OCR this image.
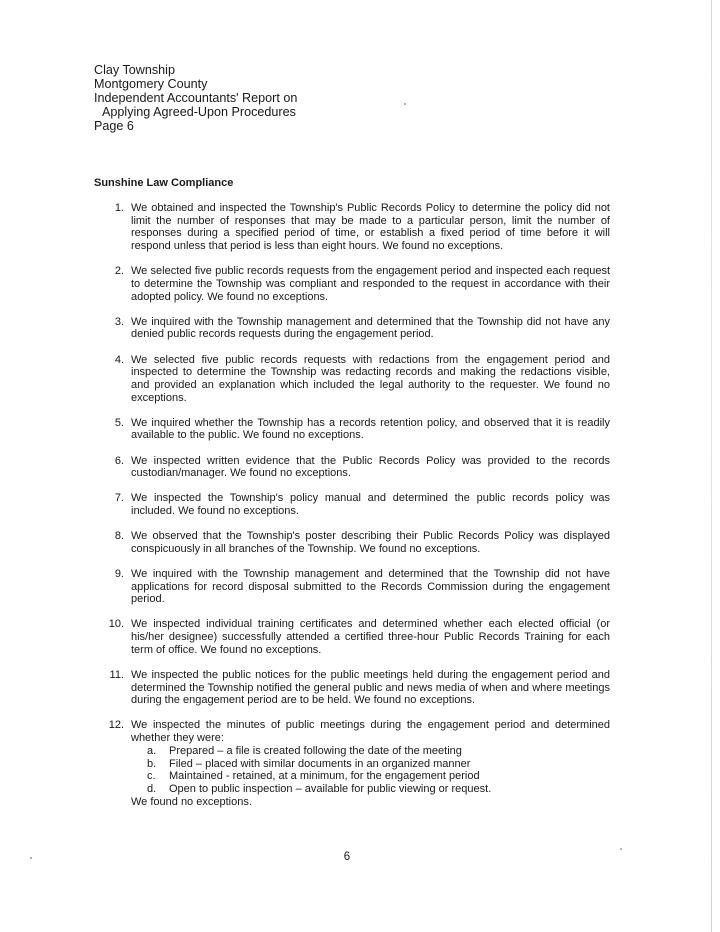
Clay Township
Montgomery County
Independent Accountants' Report on
Applying Agreed-Upon Procedures
Page 6
Sunshine Law Compliance
1. We obtained and inspected the Township's Public Records Policy to determine the policy did not limit the number of responses that may be made to a particular person, limit the number of responses during a specified period of time, or establish a fixed period of time before it will respond unless that period is less than eight hours. We found no exceptions.
2. We selected five public records requests from the engagement period and inspected each request to determine the Township was compliant and responded to the request in accordance with their adopted policy. We found no exceptions.
3. We inquired with the Township management and determined that the Township did not have any denied public records requests during the engagement period.
4. We selected five public records requests with redactions from the engagement period and inspected to determine the Township was redacting records and making the redactions visible, and provided an explanation which included the legal authority to the requester. We found no exceptions.
5. We inquired whether the Township has a records retention policy, and observed that it is readily available to the public. We found no exceptions.
6. We inspected written evidence that the Public Records Policy was provided to the records custodian/manager. We found no exceptions.
7. We inspected the Township's policy manual and determined the public records policy was included. We found no exceptions.
8. We observed that the Township's poster describing their Public Records Policy was displayed conspicuously in all branches of the Township. We found no exceptions.
9. We inquired with the Township management and determined that the Township did not have applications for record disposal submitted to the Records Commission during the engagement period.
10. We inspected individual training certificates and determined whether each elected official (or his/her designee) successfully attended a certified three-hour Public Records Training for each term of office. We found no exceptions.
11. We inspected the public notices for the public meetings held during the engagement period and determined the Township notified the general public and news media of when and where meetings during the engagement period are to be held. We found no exceptions.
12. We inspected the minutes of public meetings during the engagement period and determined whether they were:
a. Prepared – a file is created following the date of the meeting
b. Filed – placed with similar documents in an organized manner
c. Maintained - retained, at a minimum, for the engagement period
d. Open to public inspection – available for public viewing or request.
We found no exceptions.
6
